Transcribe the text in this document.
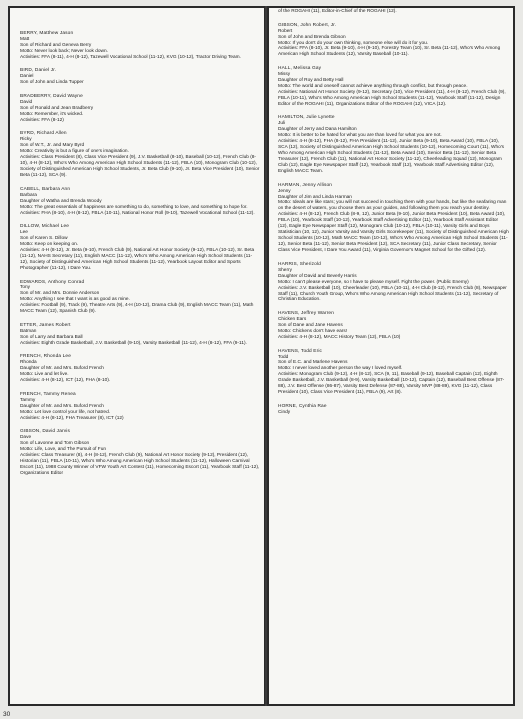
BERRY, Matthew Jason

Matt

Son of Richard and Geneva Berry

Motto: Never look back; Never look down.

Activities: FFA (8-11), 4-H (8-12), Tazewell Vocational School (11-12), KVG (10-12), Tractor Driving Team.

BIRD, Daniel Jr.

Daniel

Son of John and Linda Tupper

BRADBERRY, David Wayne

David

Son of Ronald and Jean Bradberry

Motto: Remember, it's wicked.

Activities: FFA (8-12)

BYRD, Richard Allen

Ricky

Son of W.T., Jr. and Mary Byrd

Motto: Creativity is but a figure of one's imagination.

Activities: Class President (8), Class Vice President (9), J.V. Basketball (8-10), Baseball (10-12), French Club (8-10), 4-H (8-12), Who's Who Among American High School Students (11-12), FBLA (10), Monogram Club (10-12), Society of Distinguished American High School Students, Jr. Beta Club (9-10), Jr. Beta Vice President (10), Senior Beta (11-12), SCA (9).

CABELL, Barbara Ann

Barbara

Daughter of Watha and Brenda Woody

Motto: The great essentials of happiness are something to do, something to love, and something to hope for.

Activities: FHA (8-10), 4-H (8-12), FBLA (10-11), National Honor Roll (9-10), Tazewell Vocational School (11-12).

DILLOW, Michael Lee

Lee

Son of Karen S. Dillow

Motto: Keep on keeping on.

Activities: 4-H (8-12), Jr. Beta (9-10), French Club (9), National Art Honor Society (9-12), FBLA (10-12), Sr. Beta (11-12), NAHS Secretary (11), English MACC (11-12), Who's Who Among American High School Students (11-12), Society of Distinguished American High School Students (11-12), Yearbook Layout Editor and Sports Photographer (11-12), I Dare You.

EDWARDS, Anthony Conrad

Tony

Son of Mr. and Mrs. Donnie Anderson

Motto: Anything I see that I want is as good as mine.

Activities: Football (9), Track (9), Theatre Arts (9), 4-H (10-12), Drama Club (9), English MACC Team (11), Math MACC Team (12), Spanish Club (9).

ETTER, James Robert

Batman

Son of Larry and Barbara Ball

Activities: Eighth Grade Basketball, J.V. Basketball (9-10), Varsity Basketball (11-12), 4-H (8-12), FFA (9-11).

FRENCH, Rhonda Lee

Rhonda

Daughter of Mr. and Mrs. Buford French

Motto: Live and let live.

Activities: 4-H (8-12), ICT (12), FHA (8-10).

FRENCH, Tammy Renea

Tammy

Daughter of Mr. and Mrs. Buford French

Motto: Let love control your life, not hatred.

Activities: 4-H (8-12), FHA Treasurer (8), ICT (12)

GIBSON, David Jarvis

Dave

Son of Lavonne and Tom Gibson

Motto: Life, Love, and The Pursuit of Fun

Activities: Class Treasurer (8), 4-H (8-12), French Club (9), National Art Honor Society (9-12), President (12), Historian (11), FBLA (10-11), Who's Who Among American High School Students (11-12), Halloween Carnival Escort (11), 1988 County Winner of VFW Youth Art Contest (11), Homecoming Escort (11), Yearbook Staff (11-12), Organizations Editor

of the ROGAHI (11), Editor-in-Chief of the ROGAHI (12).

GIBSON, John Robert, Jr.

Robert

Son of John and Brenda Gibson

Motto: If you don't do your own thinking, someone else will do it for you.

Activities: FFA (8-10), Jr. Beta (9-10), 4-H (9-10), Forestry Team (10), Sr. Beta (11-12), Who's Who Among American High School Students (12), Varsity Baseball (10-11).

HALL, Melissa Gay

Missy

Daughter of Roy and Betty Hall

Motto: The world and oneself cannot achieve anything through conflict, but through peace.

Activities: National Art Honor Society (9-12), Secretary (10), Vice President (11), 4-H (8-12), French Club (9), FBLA (10-11), Who's Who Among American High School Students (11-12), Yearbook Staff (11-12), Design Editor of the ROGAHI (11), Organizations Editor of the ROGAHI (12), VICA (12).

HAMILTON, Julie Lynette

Juli

Daughter of Jerry and Dana Hamilton

Motto: It is better to be hated for what you are than loved for what you are not.

Activities: 4-H (8-12), FHA (8-12), FHA President (11-12), Junior Beta (9-10), Beta Award (10), FBLA (10), SCA (12), Society of Distinguished American High School Students (10-12), Homecoming Court (11), Who's Who Among American High School Students (11-12), Beta Award (10), Senior Beta (11-12), Senior Beta Treasurer (12), French Club (11), National Art Honor Society (11-12), Cheerleading Squad (12), Monogram Club (12), Eagle Eye Newspaper Staff (12), Yearbook Staff (12), Yearbook Staff Advertising Editor (12), English MACC Team.

HARMAN, Jenny Allison

Jenny

Daughter of Jim and Linda Harman

Motto: Ideals are like stars; you will not succeed in touching them with your hands, but like the seafaring man on the desert of waters, you choose them as your guides, and following them you reach your destiny.

Activities: 4-H (8-12), French Club (8-9, 12), Junior Beta (9-10), Junior Beta President (10), Beta Award (10), FBLA (10), Yearbook Staff (10-12), Yearbook Staff Advertising Editor (11), Yearbook Staff Assistant Editor (12), Eagle Eye Newspaper Staff (12), Monogram Club (10-12), FBLA (10-11), Varsity Girls and Boys Statistician (10, 12), Junior Varsity and Varsity Girls Scorekeeper (11), Society of Distinguished American High School Students (10-12), Math MACC Team (10-12), Who's Who Among American High School Students (11-12), Senior Beta (11-12), Senior Beta President (12), SCA Secretary (11), Junior Class Secretary, Senior Class Vice President, I Dare You Award (11), Virginia Governor's Magnet School for the Gifted (12).

HARRIS, Sherizold

Sherry

Daughter of David and Beverly Harris

Motto: I can't please everyone, so I have to please myself. Fight the power. (Public Enemy)

Activities: J.V. Basketball (10), Cheerleader (10), FBLA (10-11), 4-H Club (8-12), French Club (8), Newspaper Staff (11), Church Youth Group, Who's Who Among American High School Students (11-12), Secretary of Christian Education.

HAVENS, Jeffrey Warren

Chicken Ears

Son of Dane and Jane Havens

Motto: Chickens don't have ears!

Activities: 4-H (8-12), MACC History Team (12), FBLA (10)

HAVENS, Todd Eric

Todd

Son of E.C. and Marlene Havens

Motto: I never loved another person the way I loved myself.

Activities: Monogram Club (9-12), 4-H (8-12), SCA (9, 11), Baseball (9-12), Baseball Captain (12), Eighth Grade Basketball, J.V. Basketball (8-9), Varsity Basketball (10-12), Captain (12), Baseball Best Offense (87-88), J.V. Best Offense (86-87), Varsity Best Defense (87-88), Varsity MVP (88-89), KVG (11-12), Class President (10), Class Vice President (11), FBLA (9), Art (8).

HORNE, Cynthia Rae

Cindy

30
